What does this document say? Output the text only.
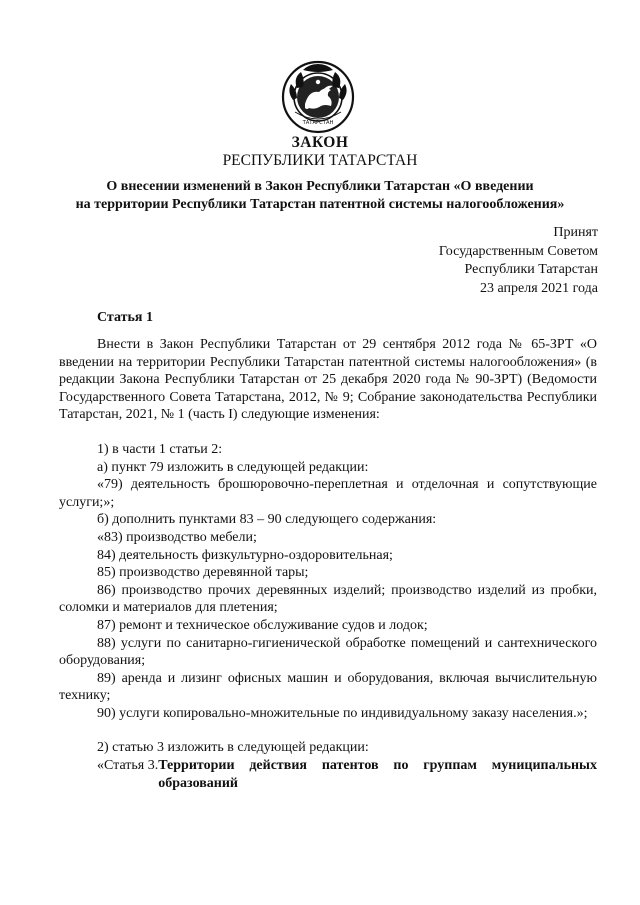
ТАТАРСТАН
ЗАКОН
РЕСПУБЛИКИ ТАТАРСТАН
О внесении изменений в Закон Республики Татарстан «О введении
на территории Республики Татарстан патентной системы налогообложения»
Принят
Государственным Советом
Республики Татарстан
23 апреля 2021 года
Статья 1

Внести в Закон Республики Татарстан от 29 сентября 2012 года № 65-ЗРТ «О введении на территории Республики Татарстан патентной системы налогообложения» (в редакции Закона Республики Татарстан от 25 декабря 2020 года № 90-ЗРТ) (Ведомости Государственного Совета Татарстана, 2012, № 9; Собрание законодательства Республики Татарстан, 2021, № 1 (часть I) следующие изменения:

1) в части 1 статьи 2:

а) пункт 79 изложить в следующей редакции:

«79) деятельность брошюровочно-переплетная и отделочная и сопутствующие услуги;»;

б) дополнить пунктами 83 – 90 следующего содержания:

«83) производство мебели;

84) деятельность физкультурно-оздоровительная;

85) производство деревянной тары;

86) производство прочих деревянных изделий; производство изделий из пробки, соломки и материалов для плетения;

87) ремонт и техническое обслуживание судов и лодок;

88) услуги по санитарно-гигиенической обработке помещений и сантехнического оборудования;

89) аренда и лизинг офисных машин и оборудования, включая вычислительную технику;

90) услуги копировально-множительные по индивидуальному заказу населения.»;

2) статью 3 изложить в следующей редакции:

«Статья 3. Территории действия патентов по группам муниципальных образований
